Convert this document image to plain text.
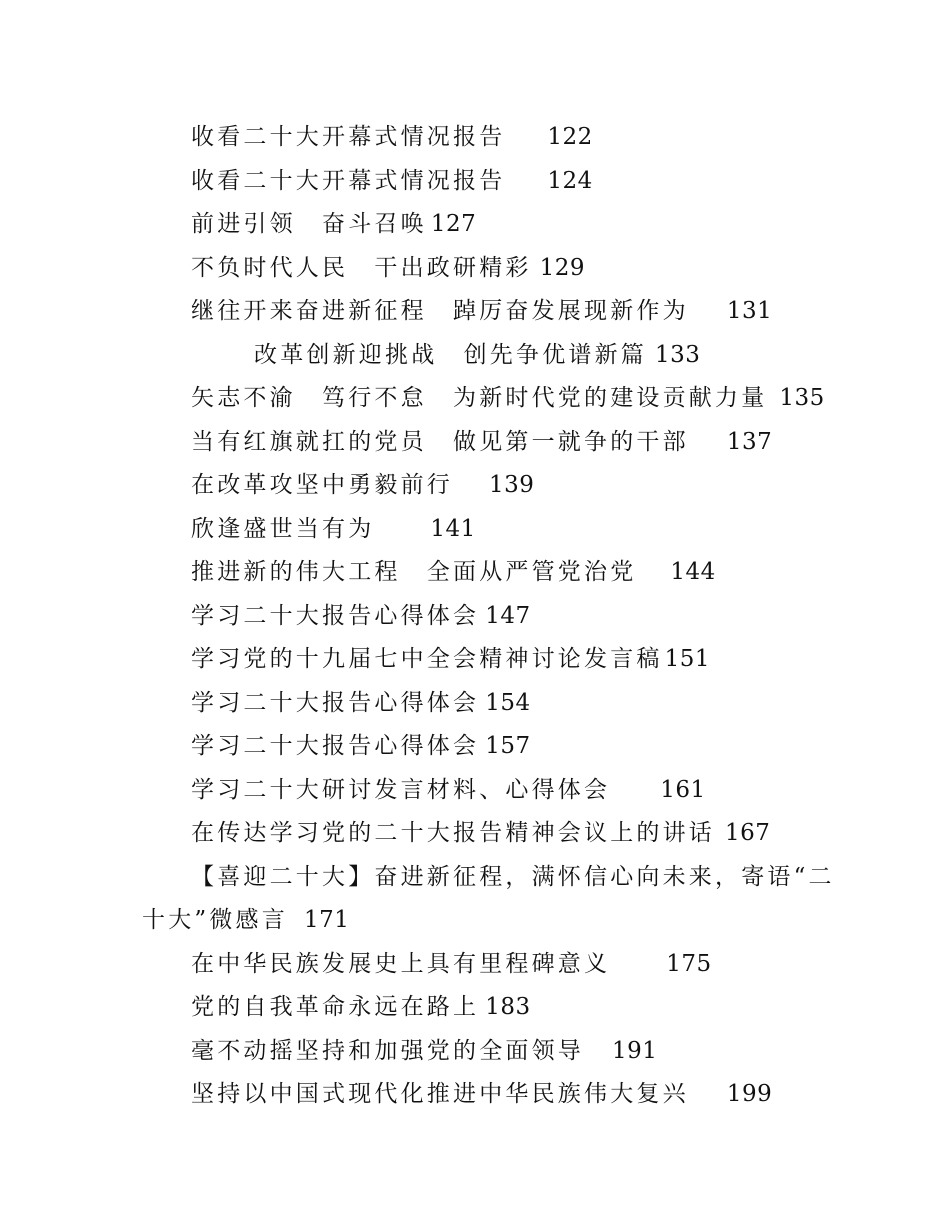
收看二十大开幕式情况报告 122
收看二十大开幕式情况报告 124
前进引领　奋斗召唤 127
不负时代人民　干出政研精彩 129
继往开来奋进新征程　踔厉奋发展现新作为 131
改革创新迎挑战　创先争优谱新篇 133
矢志不渝　笃行不怠　为新时代党的建设贡献力量 135
当有红旗就扛的党员　做见第一就争的干部 137
在改革攻坚中勇毅前行 139
欣逢盛世当有为 141
推进新的伟大工程　全面从严管党治党 144
学习二十大报告心得体会 147
学习党的十九届七中全会精神讨论发言稿151
学习二十大报告心得体会 154
学习二十大报告心得体会 157
学习二十大研讨发言材料、心得体会 161
在传达学习党的二十大报告精神会议上的讲话 167
【喜迎二十大】奋进新征程，满怀信心向未来，寄语“二
十大”微感言 171
在中华民族发展史上具有里程碑意义 175
党的自我革命永远在路上 183
毫不动摇坚持和加强党的全面领导 191
坚持以中国式现代化推进中华民族伟大复兴 199
